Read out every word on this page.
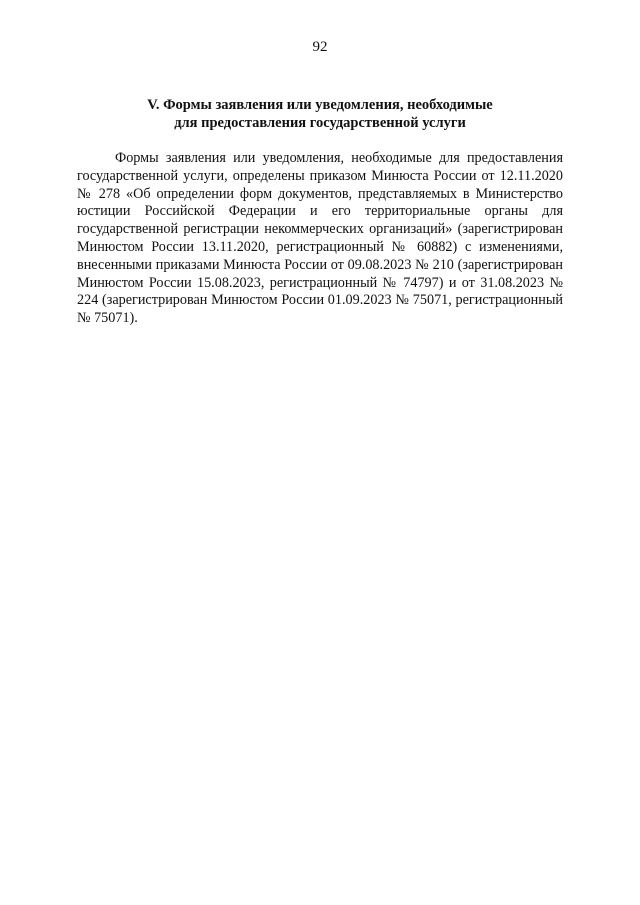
92
V. Формы заявления или уведомления, необходимые
для предоставления государственной услуги

Формы заявления или уведомления, необходимые для предоставления государственной услуги, определены приказом Минюста России от 12.11.2020 № 278 «Об определении форм документов, представляемых в Министерство юстиции Российской Федерации и его территориальные органы для государственной регистрации некоммерческих организаций» (зарегистрирован Минюстом России 13.11.2020, регистрационный № 60882) с изменениями, внесенными приказами Минюста России от 09.08.2023 № 210 (зарегистрирован Минюстом России 15.08.2023, регистрационный № 74797) и от 31.08.2023 № 224 (зарегистрирован Минюстом России 01.09.2023 № 75071, регистрационный № 75071).
